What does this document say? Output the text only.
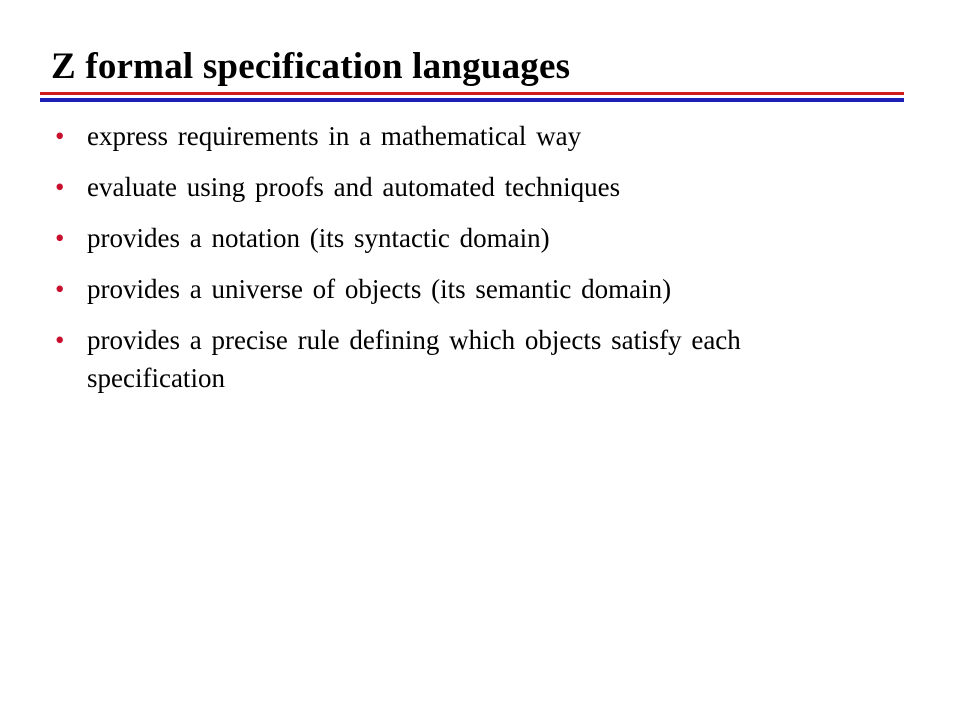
Z formal specification languages
• express requirements in a mathematical way
• evaluate using proofs and automated techniques
• provides a notation (its syntactic domain)
• provides a universe of objects (its semantic domain)
• provides a precise rule defining which objects satisfy each specification
